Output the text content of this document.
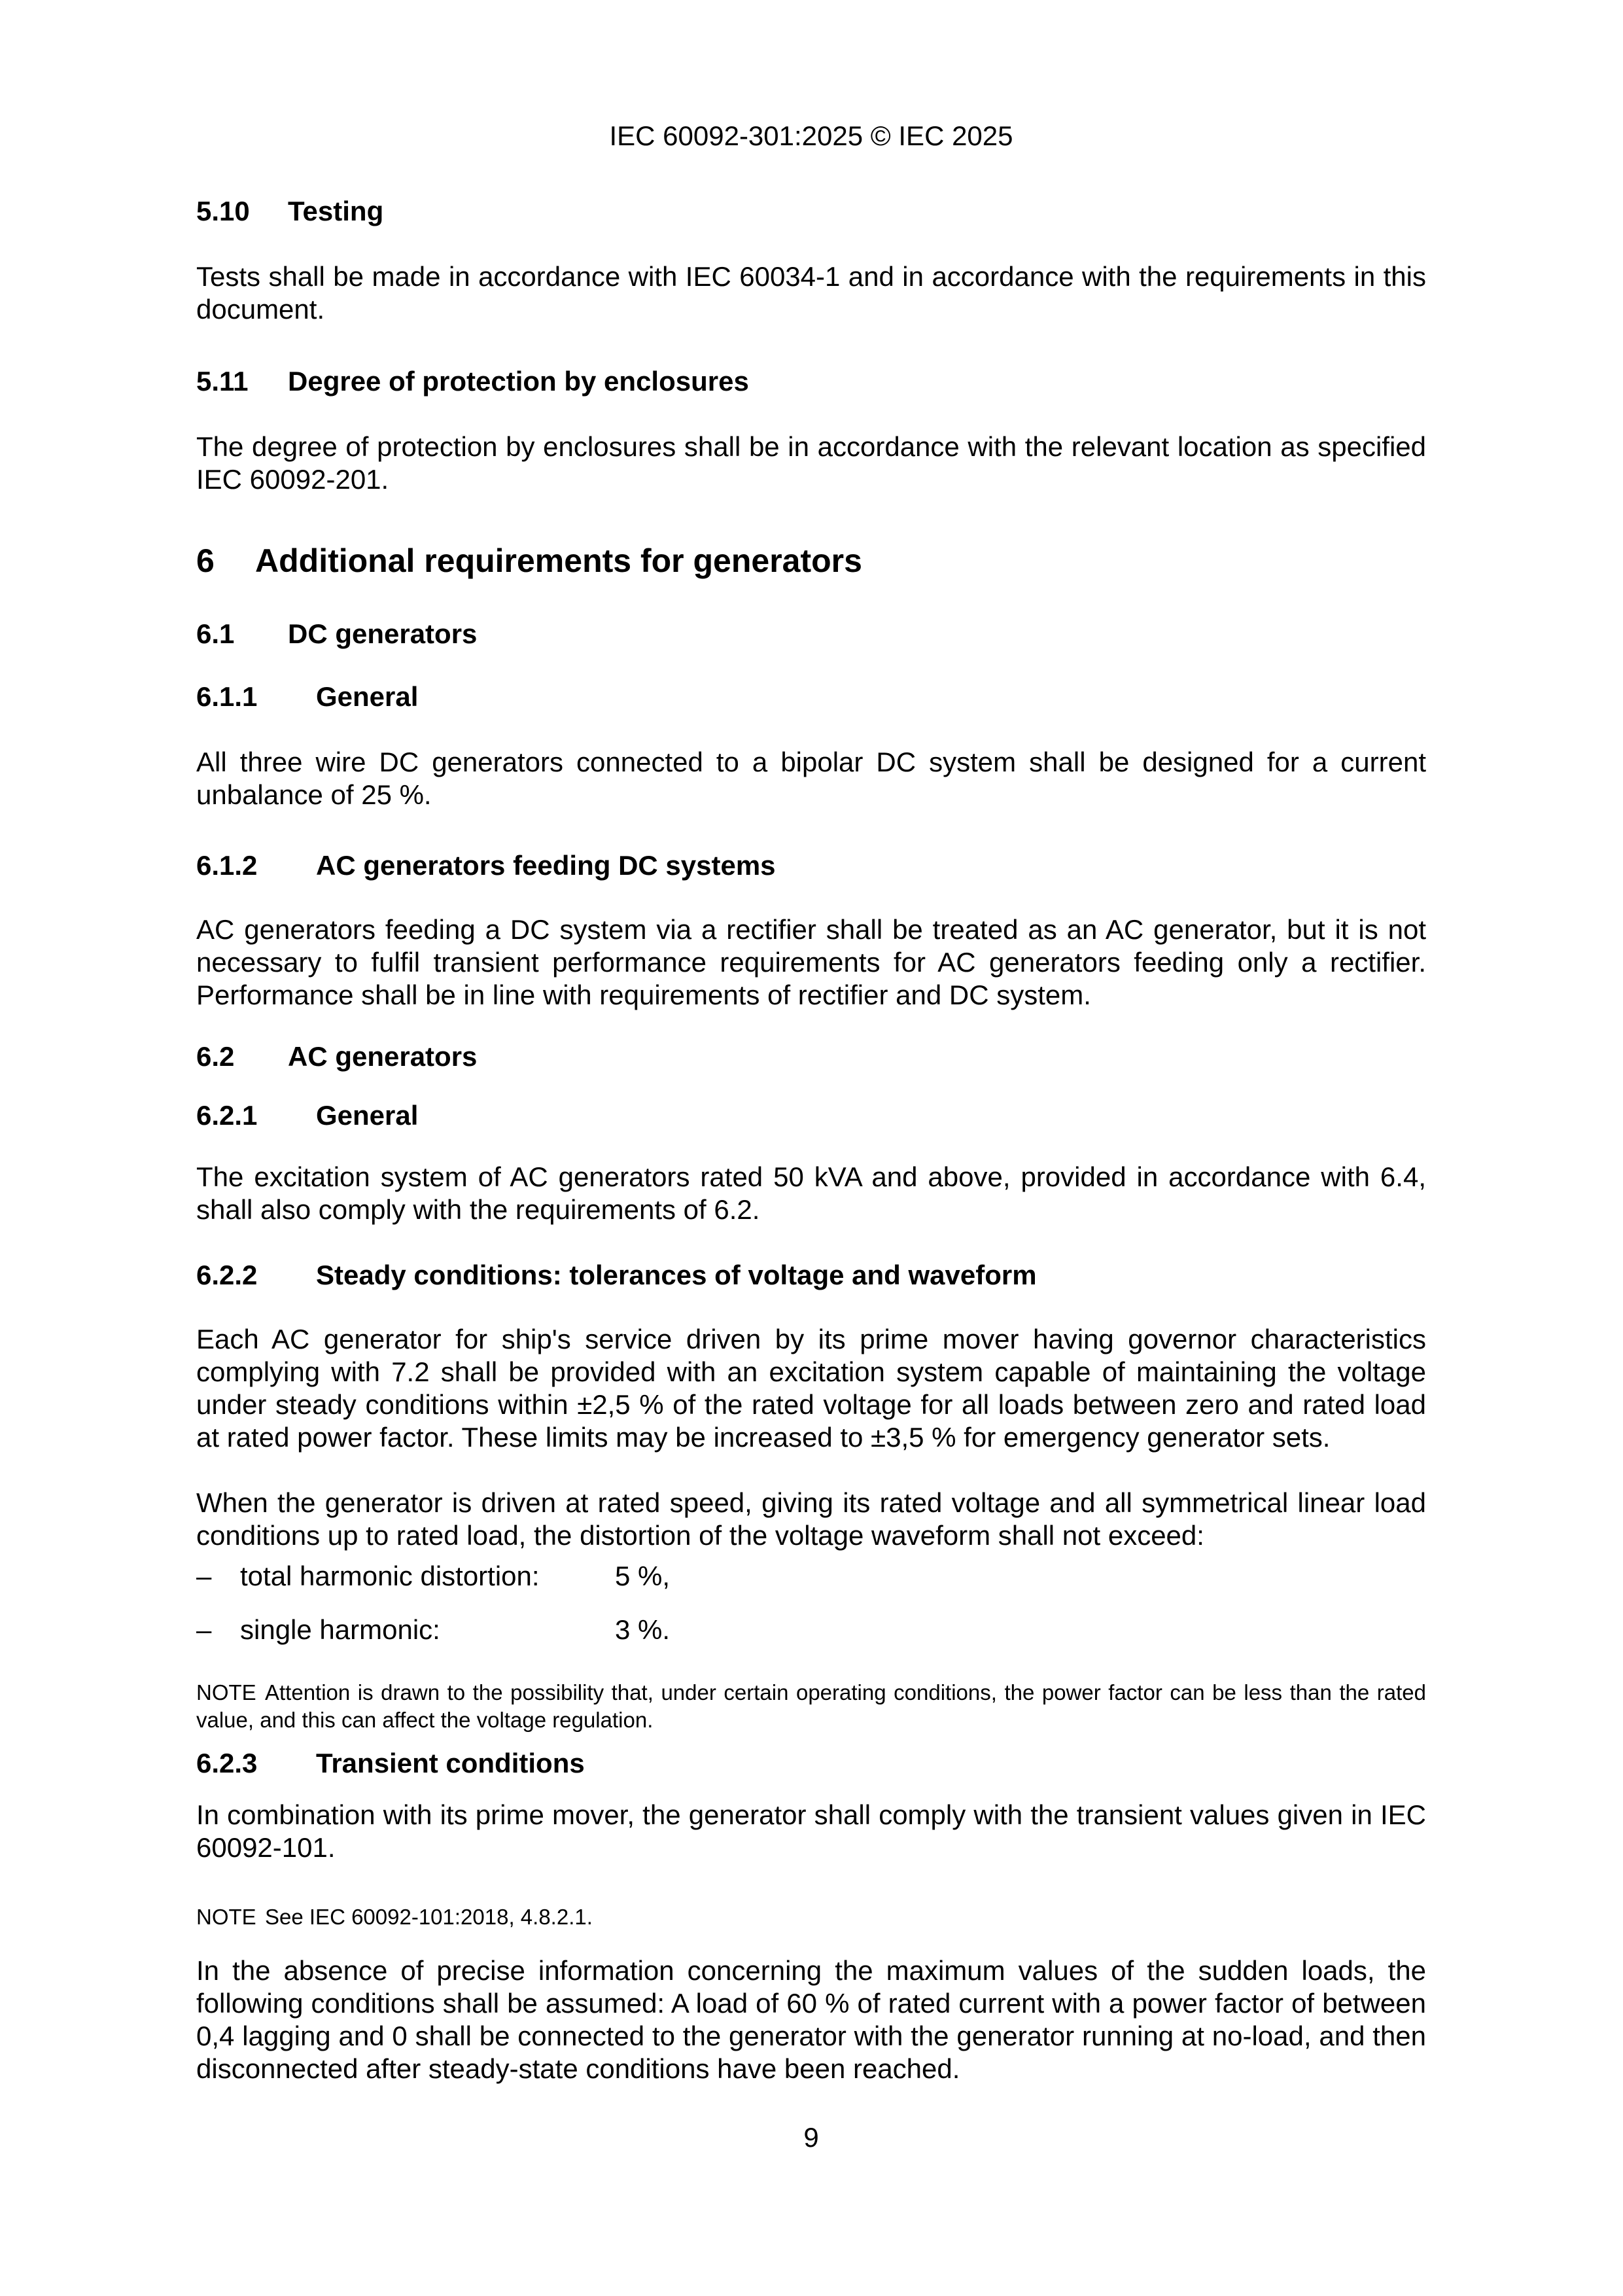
IEC 60092-301:2025 © IEC 2025
5.10	Testing

Tests shall be made in accordance with IEC 60034-1 and in accordance with the requirements in this document.

5.11	Degree of protection by enclosures

The degree of protection by enclosures shall be in accordance with the relevant location as specified IEC 60092-201.

6	Additional requirements for generators
6.1	DC generators
6.1.1	General

All three wire DC generators connected to a bipolar DC system shall be designed for a current unbalance of 25 %.

6.1.2	AC generators feeding DC systems

AC generators feeding a DC system via a rectifier shall be treated as an AC generator, but it is not necessary to fulfil transient performance requirements for AC generators feeding only a rectifier. Performance shall be in line with requirements of rectifier and DC system.

6.2	AC generators
6.2.1	General

The excitation system of AC generators rated 50 kVA and above, provided in accordance with 6.4, shall also comply with the requirements of 6.2.

6.2.2	Steady conditions: tolerances of voltage and waveform

Each AC generator for ship's service driven by its prime mover having governor characteristics complying with 7.2 shall be provided with an excitation system capable of maintaining the voltage under steady conditions within ±2,5 % of the rated voltage for all loads between zero and rated load at rated power factor. These limits may be increased to ±3,5 % for emergency generator sets.

When the generator is driven at rated speed, giving its rated voltage and all symmetrical linear load conditions up to rated load, the distortion of the voltage waveform shall not exceed:

–	total harmonic distortion:	5 %,
–	single harmonic:	3 %.

NOTE Attention is drawn to the possibility that, under certain operating conditions, the power factor can be less than the rated value, and this can affect the voltage regulation.

6.2.3	Transient conditions

In combination with its prime mover, the generator shall comply with the transient values given in IEC 60092-101.

NOTE See IEC 60092-101:2018, 4.8.2.1.

In the absence of precise information concerning the maximum values of the sudden loads, the following conditions shall be assumed: A load of 60 % of rated current with a power factor of between 0,4 lagging and 0 shall be connected to the generator with the generator running at no-load, and then disconnected after steady-state conditions have been reached.

9
